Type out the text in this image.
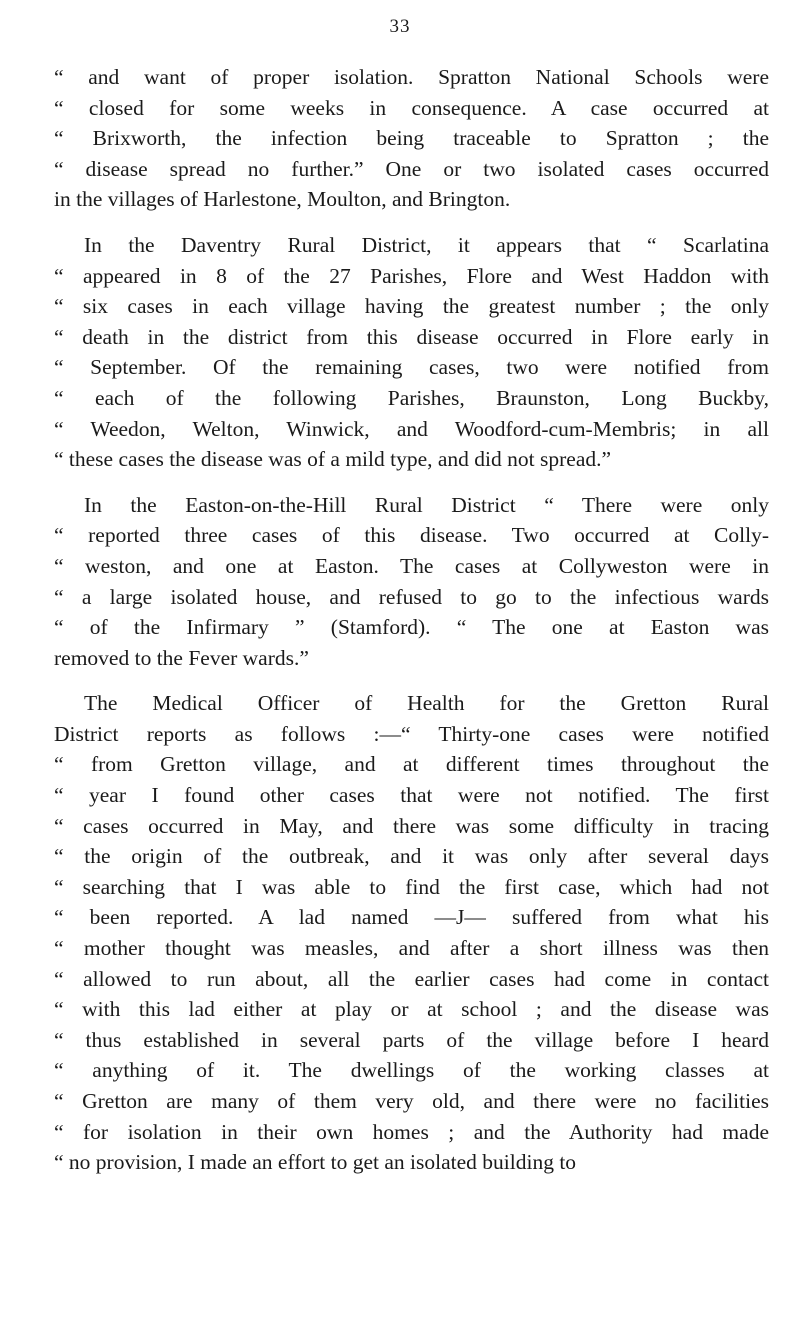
33
“ and want of proper isolation. Spratton National Schools were
“ closed for some weeks in consequence. A case occurred at
“ Brixworth, the infection being traceable to Spratton ; the
“ disease spread no further.” One or two isolated cases occurred
in the villages of Harlestone, Moulton, and Brington.
In the Daventry Rural District, it appears that “ Scarlatina
“ appeared in 8 of the 27 Parishes, Flore and West Haddon with
“ six cases in each village having the greatest number ; the only
“ death in the district from this disease occurred in Flore early in
“ September. Of the remaining cases, two were notified from
“ each of the following Parishes, Braunston, Long Buckby,
“ Weedon, Welton, Winwick, and Woodford-cum-Membris; in all
“ these cases the disease was of a mild type, and did not spread.”
In the Easton-on-the-Hill Rural District “ There were only
“ reported three cases of this disease. Two occurred at Colly-
“ weston, and one at Easton. The cases at Collyweston were in
“ a large isolated house, and refused to go to the infectious wards
“ of the Infirmary ” (Stamford). “ The one at Easton was
removed to the Fever wards.”
The Medical Officer of Health for the Gretton Rural
District reports as follows :—“ Thirty-one cases were notified
“ from Gretton village, and at different times throughout the
“ year I found other cases that were not notified. The first
“ cases occurred in May, and there was some difficulty in tracing
“ the origin of the outbreak, and it was only after several days
“ searching that I was able to find the first case, which had not
“ been reported. A lad named —J— suffered from what his
“ mother thought was measles, and after a short illness was then
“ allowed to run about, all the earlier cases had come in contact
“ with this lad either at play or at school ; and the disease was
“ thus established in several parts of the village before I heard
“ anything of it. The dwellings of the working classes at
“ Gretton are many of them very old, and there were no facilities
“ for isolation in their own homes ; and the Authority had made
“ no provision, I made an effort to get an isolated building to
